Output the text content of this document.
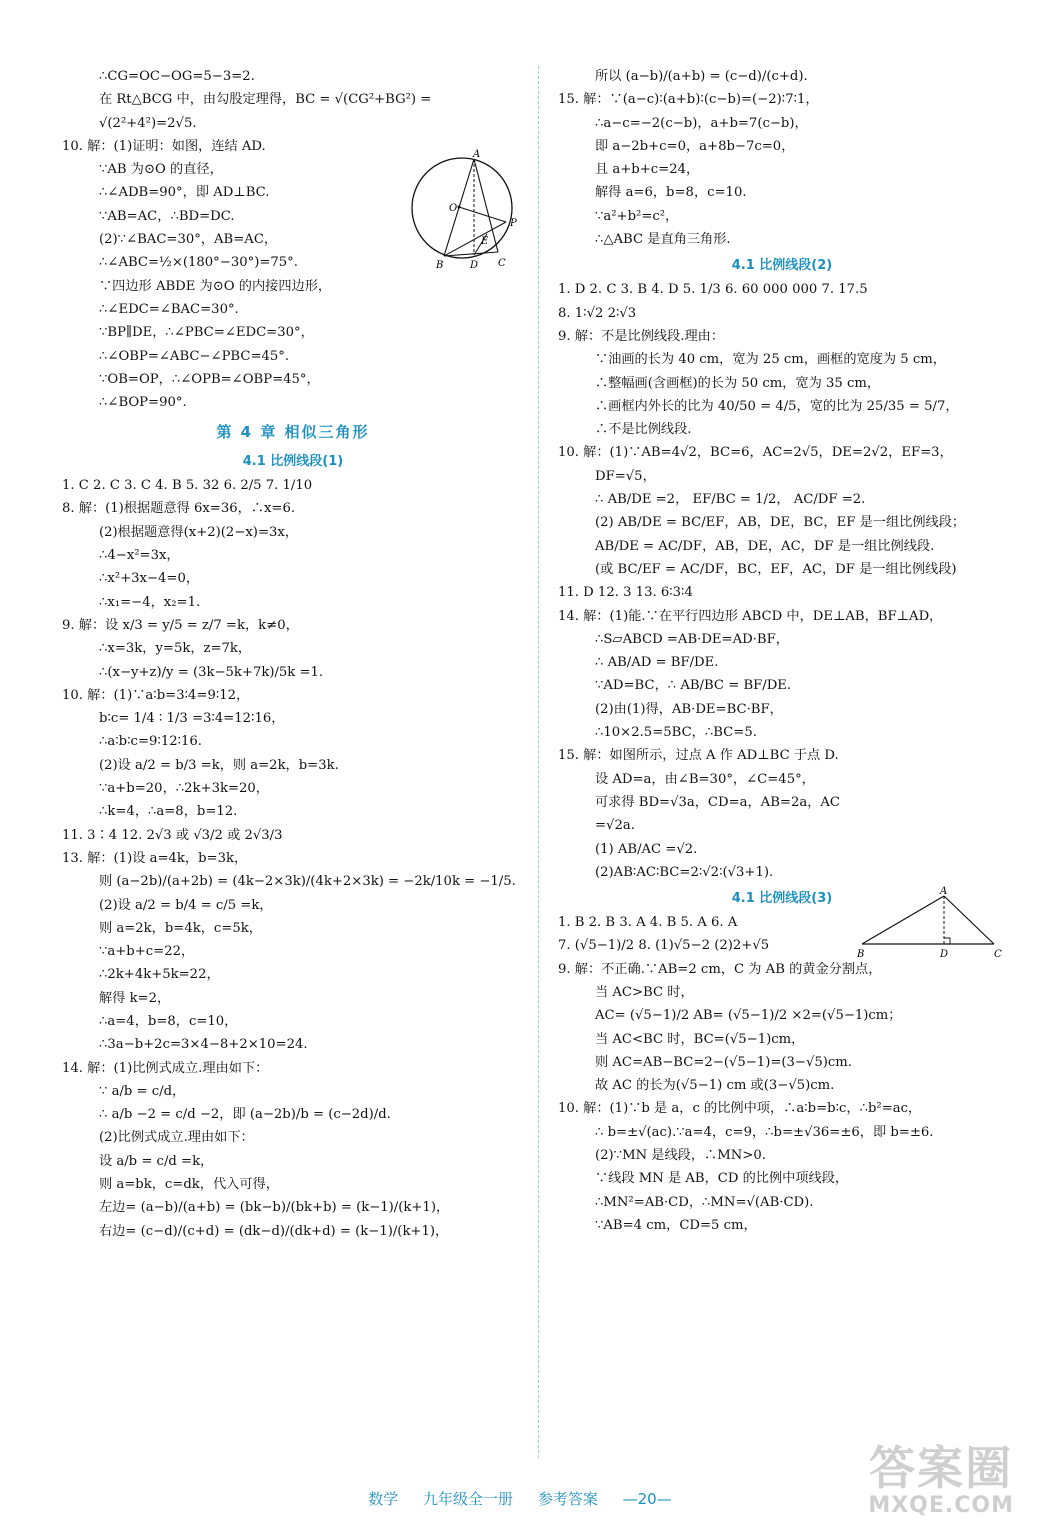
∴CG=OC−OG=5−3=2.
在 Rt△BCG 中，由勾股定理得，BC = √(CG²+BG²) =
√(2²+4²)=2√5.
10. 解：(1)证明：如图，连结 AD.
∵AB 为⊙O 的直径，
∴∠ADB=90°，即 AD⊥BC.
∵AB=AC，∴BD=DC.
(2)∵∠BAC=30°，AB=AC，
∴∠ABC=½×(180°−30°)=75°.
∵四边形 ABDE 为⊙O 的内接四边形，
∴∠EDC=∠BAC=30°.
∵BP∥DE，∴∠PBC=∠EDC=30°，
∴∠OBP=∠ABC−∠PBC=45°.
∵OB=OP，∴∠OPB=∠OBP=45°，
∴∠BOP=90°.
第 4 章 相似三角形
4.1 比例线段(1)
1. C 2. C 3. C 4. B 5. 32 6. 2/5 7. 1/10
8. 解：(1)根据题意得 6x=36，∴x=6.
(2)根据题意得(x+2)(2−x)=3x，
∴4−x²=3x，
∴x²+3x−4=0，
∴x₁=−4，x₂=1.
9. 解：设 x/3 = y/5 = z/7 =k，k≠0，
∴x=3k，y=5k，z=7k，
∴(x−y+z)/y = (3k−5k+7k)/5k =1.
10. 解：(1)∵a∶b=3∶4=9∶12，
b∶c= 1/4 ∶ 1/3 =3∶4=12∶16，
∴a∶b∶c=9∶12∶16.
(2)设 a/2 = b/3 =k，则 a=2k，b=3k.
∵a+b=20，∴2k+3k=20，
∴k=4，∴a=8，b=12.
11. 3∶4 12. 2√3 或 √3/2 或 2√3/3
13. 解：(1)设 a=4k，b=3k，
则 (a−2b)/(a+2b) = (4k−2×3k)/(4k+2×3k) = −2k/10k = −1/5.
(2)设 a/2 = b/4 = c/5 =k，
则 a=2k，b=4k，c=5k，
∵a+b+c=22，
∴2k+4k+5k=22，
解得 k=2，
∴a=4，b=8，c=10，
∴3a−b+2c=3×4−8+2×10=24.
14. 解：(1)比例式成立.理由如下：
∵ a/b = c/d，
∴ a/b −2 = c/d −2，即 (a−2b)/b = (c−2d)/d.
(2)比例式成立.理由如下：
设 a/b = c/d =k，
则 a=bk，c=dk，代入可得，
左边= (a−b)/(a+b) = (bk−b)/(bk+b) = (k−1)/(k+1)，
右边= (c−d)/(c+d) = (dk−d)/(dk+d) = (k−1)/(k+1)，
所以 (a−b)/(a+b) = (c−d)/(c+d).
15. 解：∵(a−c)∶(a+b)∶(c−b)=(−2)∶7∶1，
∴a−c=−2(c−b)，a+b=7(c−b)，
即 a−2b+c=0，a+8b−7c=0，
且 a+b+c=24，
解得 a=6，b=8，c=10.
∵a²+b²=c²，
∴△ABC 是直角三角形.
4.1 比例线段(2)
1. D 2. C 3. B 4. D 5. 1/3 6. 60 000 000 7. 17.5
8. 1∶√2 2∶√3
9. 解：不是比例线段.理由：
∵油画的长为 40 cm，宽为 25 cm，画框的宽度为 5 cm，
∴整幅画(含画框)的长为 50 cm，宽为 35 cm，
∴画框内外长的比为 40/50 = 4/5，宽的比为 25/35 = 5/7，
∴不是比例线段.
10. 解：(1)∵AB=4√2，BC=6，AC=2√5，DE=2√2，EF=3，
DF=√5，
∴ AB/DE =2， EF/BC = 1/2， AC/DF =2.
(2) AB/DE = BC/EF，AB，DE，BC，EF 是一组比例线段；
AB/DE = AC/DF，AB，DE，AC，DF 是一组比例线段.
(或 BC/EF = AC/DF，BC，EF，AC，DF 是一组比例线段)
11. D 12. 3 13. 6∶3∶4
14. 解：(1)能.∵在平行四边形 ABCD 中，DE⊥AB，BF⊥AD，
∴S▱ABCD =AB·DE=AD·BF，
∴ AB/AD = BF/DE.
∵AD=BC，∴ AB/BC = BF/DE.
(2)由(1)得，AB·DE=BC·BF，
∴10×2.5=5BC，∴BC=5.
15. 解：如图所示，过点 A 作 AD⊥BC 于点 D.
设 AD=a，由∠B=30°，∠C=45°，
可求得 BD=√3a，CD=a，AB=2a，AC
=√2a.
(1) AB/AC =√2.
(2)AB∶AC∶BC=2∶√2∶(√3+1).
4.1 比例线段(3)
1. B 2. B 3. A 4. B 5. A 6. A
7. (√5−1)/2 8. (1)√5−2 (2)2+√5
9. 解：不正确.∵AB=2 cm，C 为 AB 的黄金分割点，
当 AC>BC 时，
AC= (√5−1)/2 AB= (√5−1)/2 ×2=(√5−1)cm；
当 AC<BC 时，BC=(√5−1)cm，
则 AC=AB−BC=2−(√5−1)=(3−√5)cm.
故 AC 的长为(√5−1) cm 或(3−√5)cm.
10. 解：(1)∵b 是 a，c 的比例中项，∴a∶b=b∶c，∴b²=ac，
∴ b=±√(ac).∵a=4，c=9，∴b=±√36=±6，即 b=±6.
(2)∵MN 是线段，∴MN>0.
∵线段 MN 是 AB，CD 的比例中项线段，
∴MN²=AB·CD，∴MN=√(AB·CD).
∵AB=4 cm，CD=5 cm，
A
O
P
E
B	D C
A
B	D	C
数学 九年级全一册 参考答案 —20—
答案圈
MXQE.COM
